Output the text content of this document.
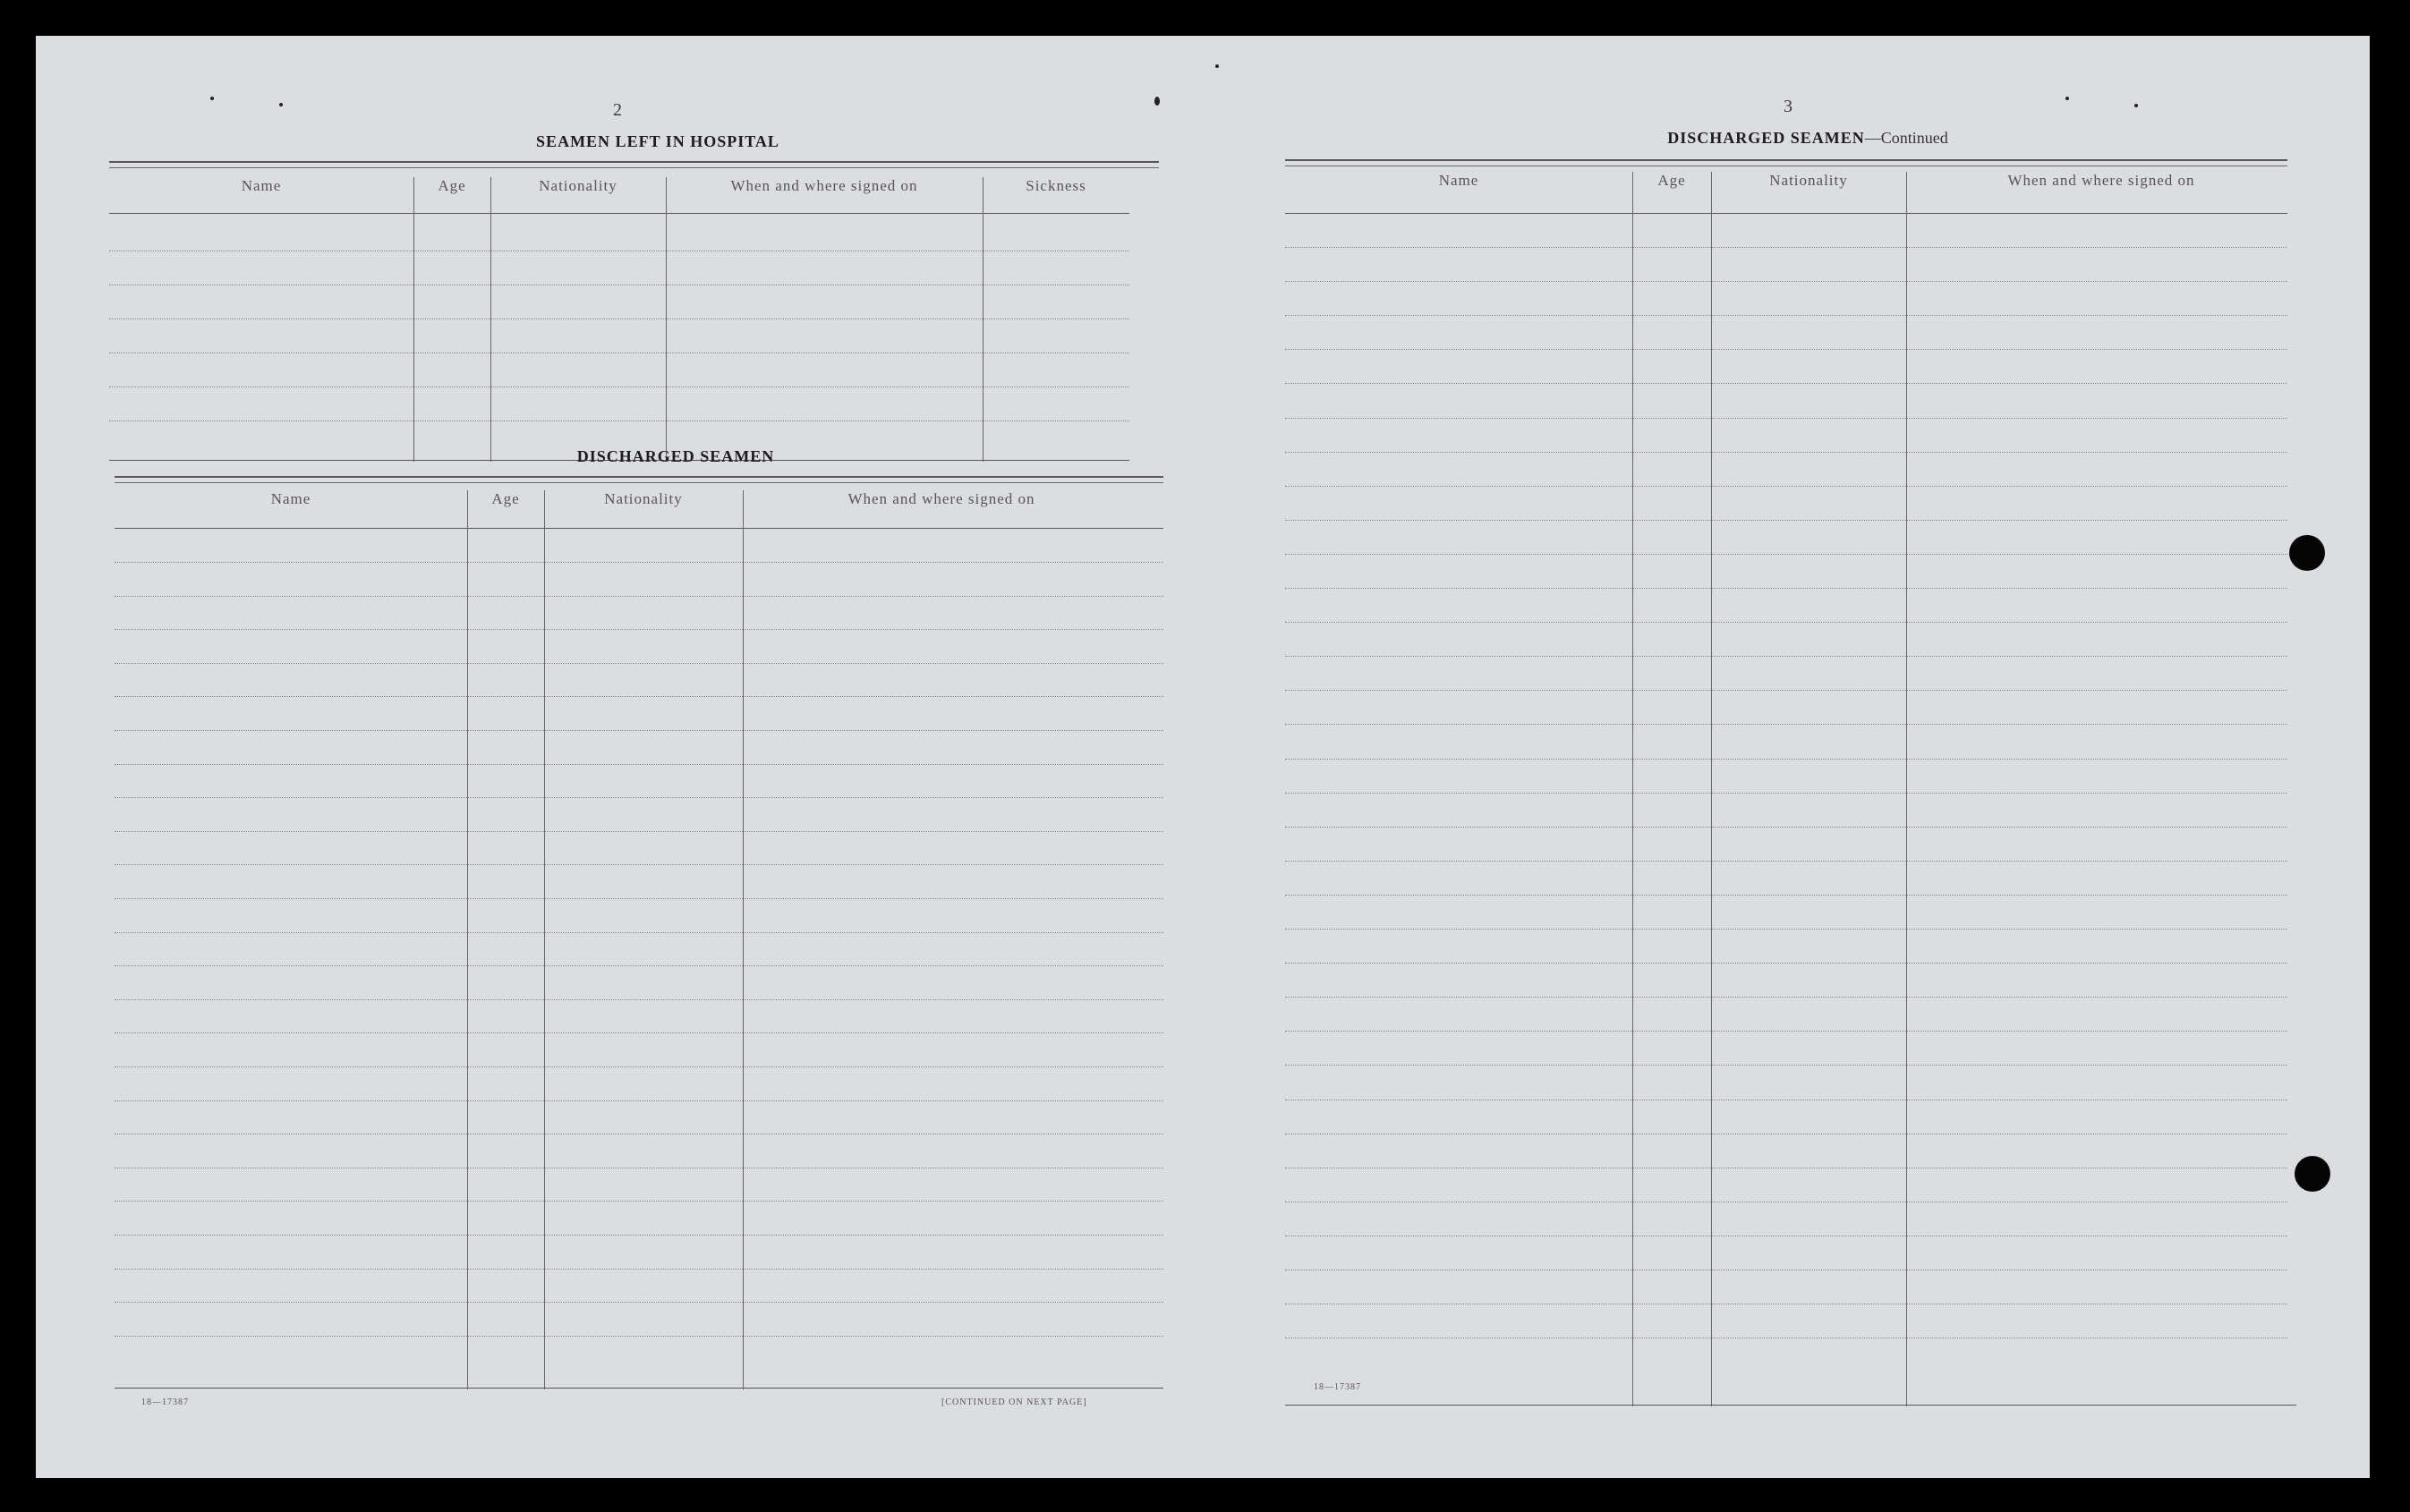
2
SEAMEN LEFT IN HOSPITAL
Name	Age	Nationality	When and where signed on	Sickness
DISCHARGED SEAMEN
Name	Age	Nationality	When and where signed on
18—17387	[CONTINUED ON NEXT PAGE]
3
DISCHARGED SEAMEN—Continued
Name	Age	Nationality	When and where signed on
18—17387
